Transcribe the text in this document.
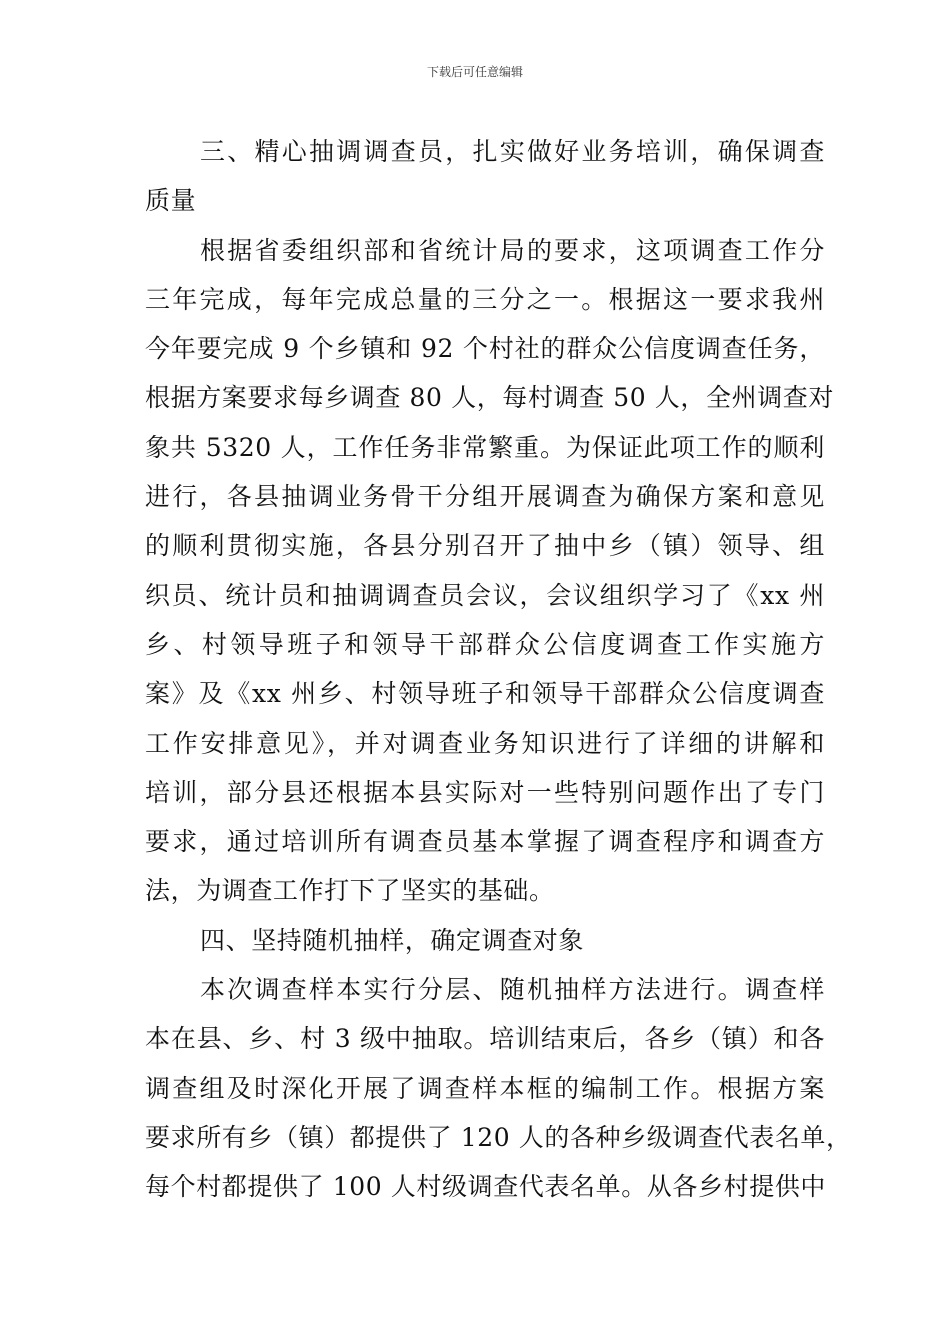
下载后可任意编辑
三、精心抽调调查员，扎实做好业务培训，确保调查
质量
根据省委组织部和省统计局的要求，这项调查工作分
三年完成，每年完成总量的三分之一。根据这一要求我州
今年要完成 9 个乡镇和 92 个村社的群众公信度调查任务，
根据方案要求每乡调查 80 人，每村调查 50 人，全州调查对
象共 5320 人，工作任务非常繁重。为保证此项工作的顺利
进行，各县抽调业务骨干分组开展调查为确保方案和意见
的顺利贯彻实施，各县分别召开了抽中乡（镇）领导、组
织员、统计员和抽调调查员会议，会议组织学习了《xx 州
乡、村领导班子和领导干部群众公信度调查工作实施方
案》及《xx 州乡、村领导班子和领导干部群众公信度调查
工作安排意见》，并对调查业务知识进行了详细的讲解和
培训，部分县还根据本县实际对一些特别问题作出了专门
要求，通过培训所有调查员基本掌握了调查程序和调查方
法，为调查工作打下了坚实的基础。
四、坚持随机抽样，确定调查对象
本次调查样本实行分层、随机抽样方法进行。调查样
本在县、乡、村 3 级中抽取。培训结束后，各乡（镇）和各
调查组及时深化开展了调查样本框的编制工作。根据方案
要求所有乡（镇）都提供了 120 人的各种乡级调查代表名单，
每个村都提供了 100 人村级调查代表名单。从各乡村提供中
